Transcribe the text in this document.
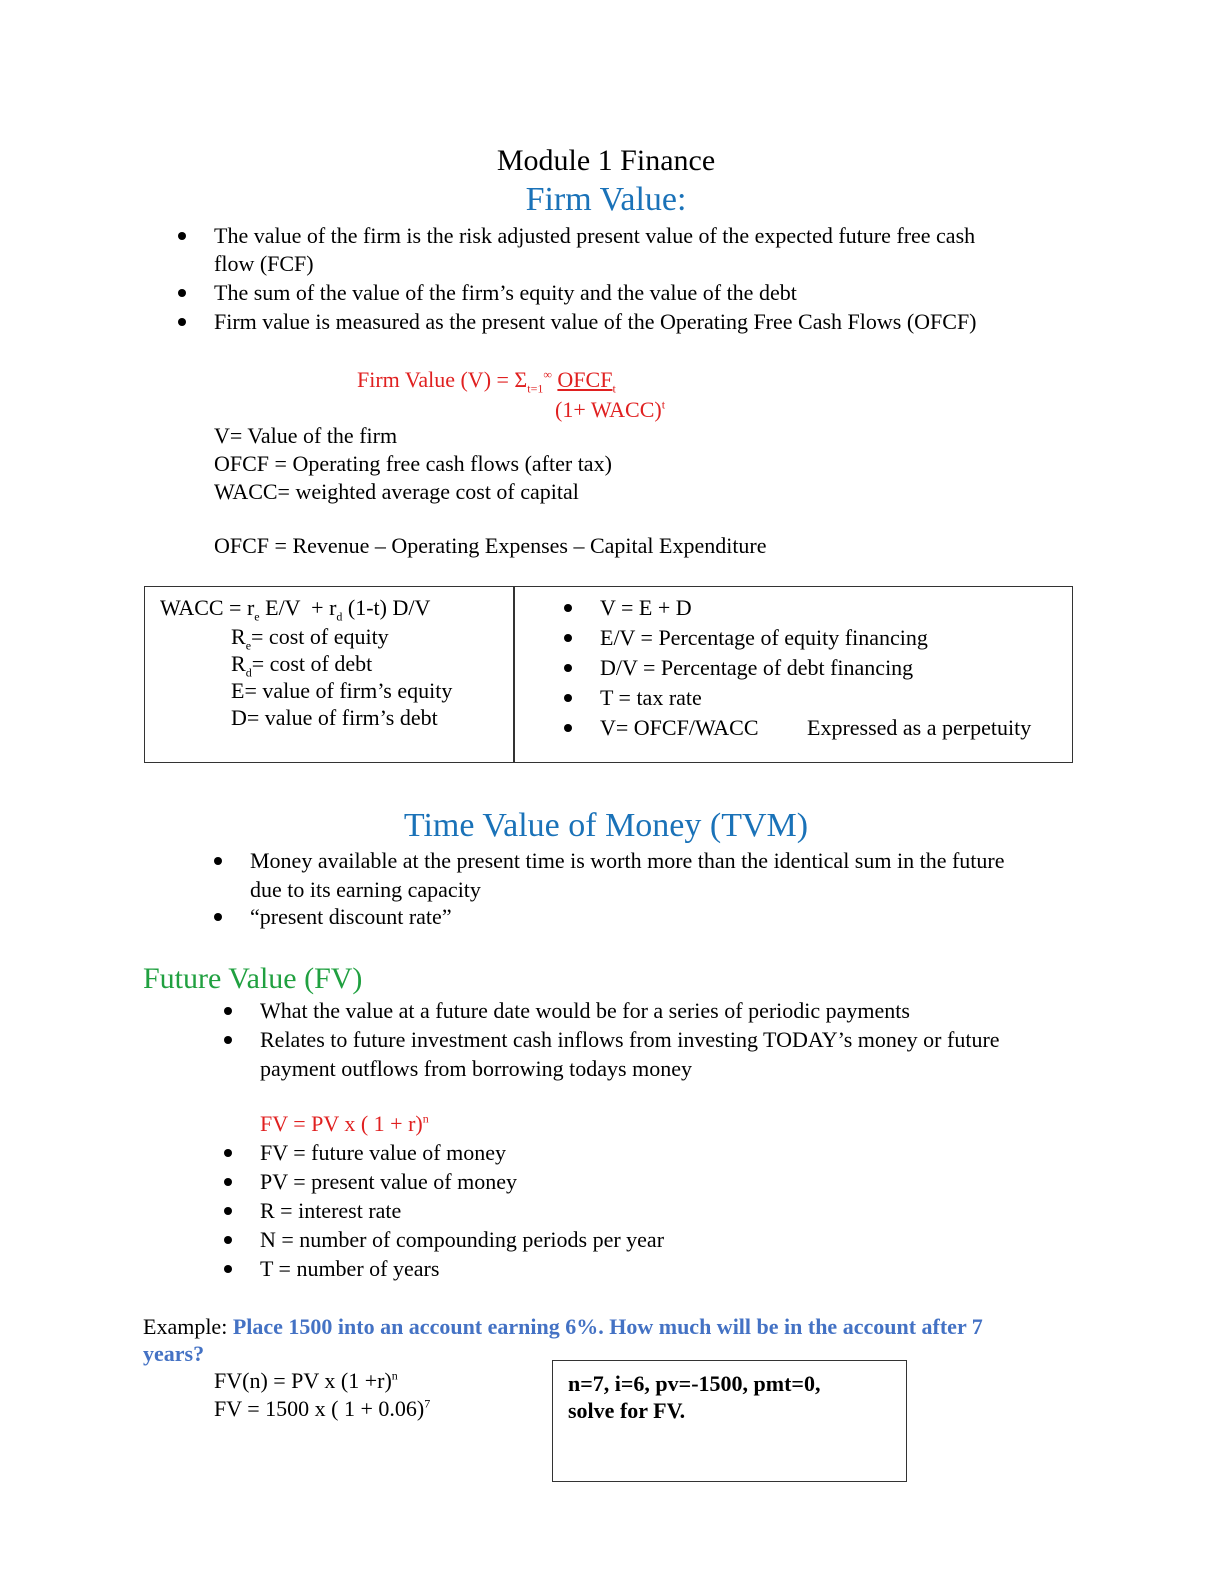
Module 1 Finance
Firm Value:
The value of the firm is the risk adjusted present value of the expected future free cash
flow (FCF)
The sum of the value of the firm’s equity and the value of the debt
Firm value is measured as the present value of the Operating Free Cash Flows (OFCF)
Firm Value $(V) = \Sigma_{t=1}^\infty$ $OFCF_t$
(1+ WACC)$^t$
V= Value of the firm
OFCF = Operating free cash flows (after tax)
WACC= weighted average cost of capital
OFCF = Revenue – Operating Expenses – Capital Expenditure
WACC = $r_e$ $E/V + r_d$ (1-t) D/V
$R_e= \cos t$ of equity
$R_d= \cos t$ of debt
E= value of firm’s equity
D= value of firm’s debt
V = E + D
E/V = Percentage of equity financing
D/V = Percentage of debt financing
T = tax rate
V= OFCF/WACC	Expressed as a perpetuity
Time Value of Money (TVM)
Money available at the present time is worth more than the identical sum in the future
due to its earning capacity
“present discount rate”
Future Value (FV)
What the value at a future date would be for a series of periodic payments
Relates to future investment cash inflows from investing TODAY’s money or future
payment outflows from borrowing todays money
FV = PV x ( 1 + r)$^n$
FV = future value of money
PV = present value of money
R = interest rate
N = number of compounding periods per year
T = number of years
Example: Place 1500 into an account earning 6%. How much will be in the account after 7
years?
FV(n) = PV x $(1 +r)^n$
FV = 1500 x ( 1 + 0.06)$^7$
n=7, i=6, pv=-1500, pmt=0,
solve for FV.
